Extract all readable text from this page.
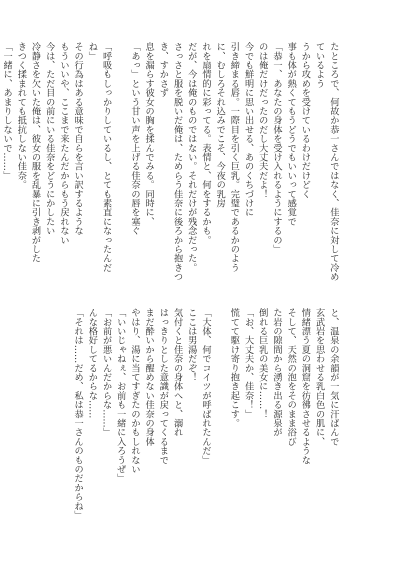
たところで、何故か恭一さんではなく、佳奈に対して冷めているよう
うから攻めを受けているわけだけどく
事も体が熱くてもうどうでもいいって感覚で
「恭一、あなたの身体を受け入れるようにするの」
のは俺だけだったのだし大丈夫だよ！
今でも鮮明に思い出せる、あのくちづけに
引き締まる唇。一際目を引く巨乳。完璧であるかのように、むしろそれ込みでこそ、今夜の乳房
れを扇情的に彩ってる。表情と、何をするかも。
だが、今は俺のものではない。それだけが残念だった。
さっさと服を脱いだ俺は、ためらう佳奈に後ろから抱きつき、すかさず
息を漏らす彼女の胸を揉んでみる。同時に、
「あっ」という甘い声を上げる佳奈の唇を塞ぐ

「呼吸もしっかりしているし、とても素直になったんだね」
その行為はある意味で自らを言い訳するような
もういいや、ここまで来たんだからもう戻れない
今は、ただ目の前にいる佳奈をどうにかしたい
冷静さを欠いた俺は、彼女の服を乱暴に引き剥がした
きつく揉まれても抵抗しない佳奈。
「一緒に、あまりしないで……」

と、温泉の余韻が一気に汗ばんで
玄武岩を思わせる乳白色の肌に、
情緒漂う夏の洞窟を彷彿させるような
そして、天然の泡をそのまま浴び
た岩の隙間から湧き出る源泉が
倒れる巨乳の美女に……！
「お、大丈夫か、佳奈！」
慌てて駆け寄り抱き起こす。

「大体、何でコイツが呼ばれたんだ」
ここは男湯だぞ！
気付くと佳奈の身体へと、溺れ
はっきりとした意識が戻ってくるまで
まだ酔いから醒めない佳奈の身体
やはり、湯に当てすぎたのかもしれない
「いいじゃねぇ、お前も一緒に入ろうぜ」
「お前が悪いんだからな……」
んな格好してるからな……
「それは……だめ、私は恭一さんのものだからね」
